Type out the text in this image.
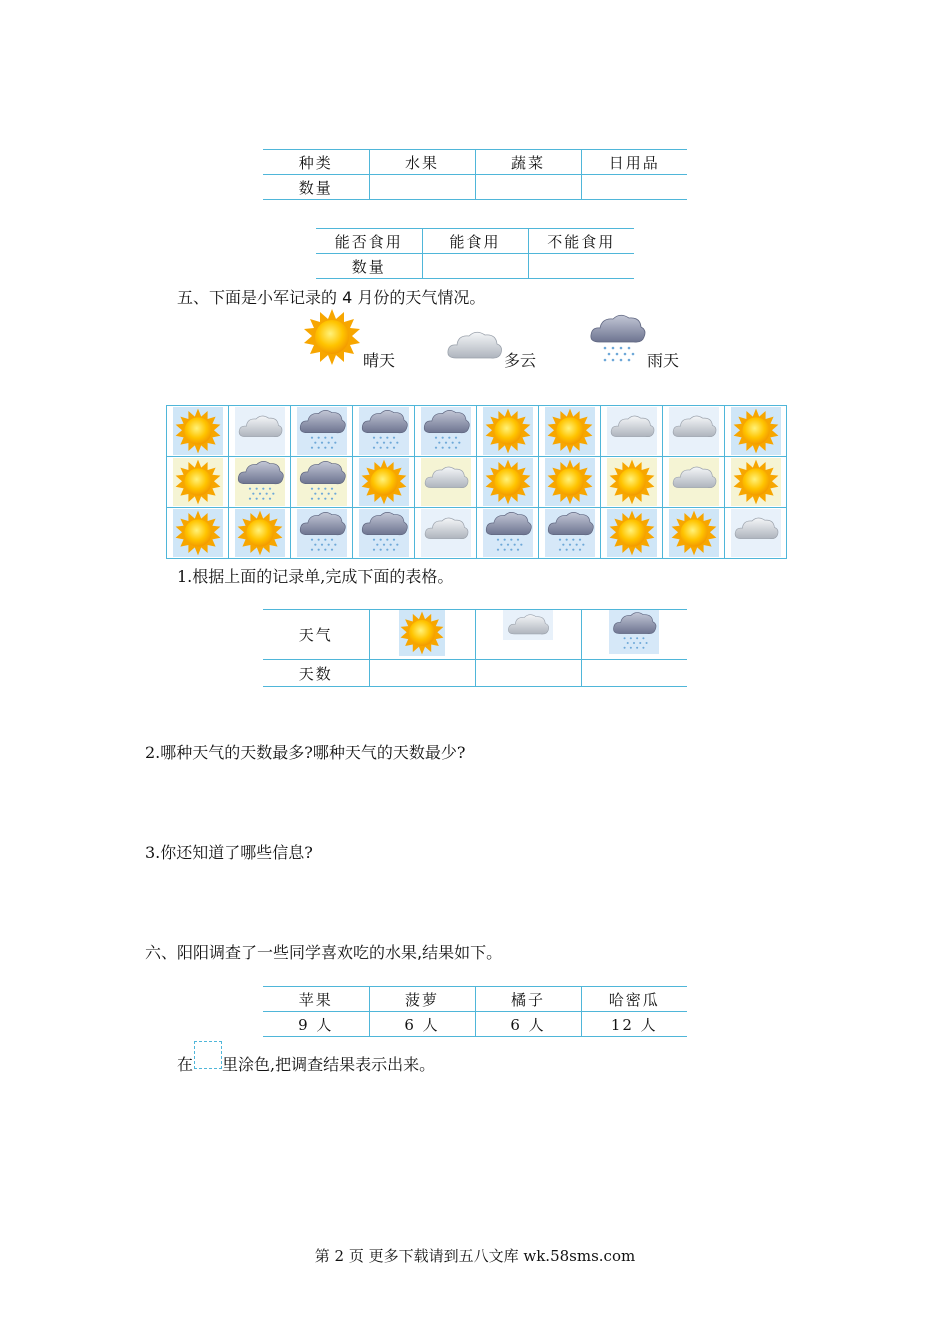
种类	水果	蔬菜	日用品
数量			
能否食用	能食用	不能食用
数量		
五、下面是小军记录的 4 月份的天气情况。
晴天	多云	雨天

1.根据上面的记录单,完成下面的表格。
天气	

天数			
2.哪种天气的天数最多?哪种天气的天数最少?
3.你还知道了哪些信息?
六、阳阳调查了一些同学喜欢吃的水果,结果如下。
苹果	菠萝	橘子	哈密瓜
9 人	6 人	6 人	12 人
在 里涂色,把调查结果表示出来。
第 2 页 更多下载请到五八文库 wk.58sms.com
